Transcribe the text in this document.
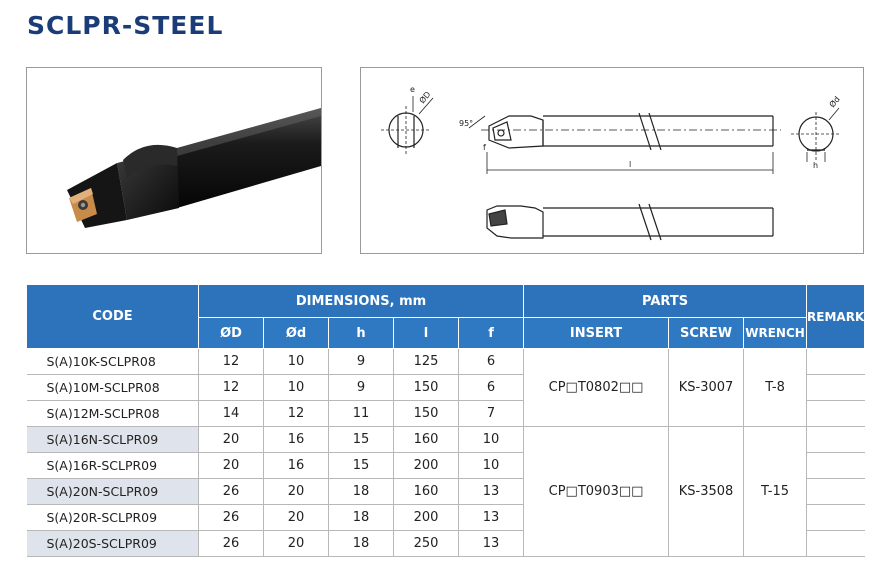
SCLPR-STEEL
e
ØD
95°
f
l
Ød
h
CODE	DIMENSIONS, mm					PARTS			REMARK
	ØD	Ød	h	l	f	INSERT	SCREW	WRENCH	
S(A)10K-SCLPR08	12	10	9	125	6	CP□T0802□□	KS-3007	T-8	
S(A)10M-SCLPR08	12	10	9	150	6				
S(A)12M-SCLPR08	14	12	11	150	7				
S(A)16N-SCLPR09	20	16	15	160	10	CP□T0903□□	KS-3508	T-15	
S(A)16R-SCLPR09	20	16	15	200	10				
S(A)20N-SCLPR09	26	20	18	160	13				
S(A)20R-SCLPR09	26	20	18	200	13				
S(A)20S-SCLPR09	26	20	18	250	13				
